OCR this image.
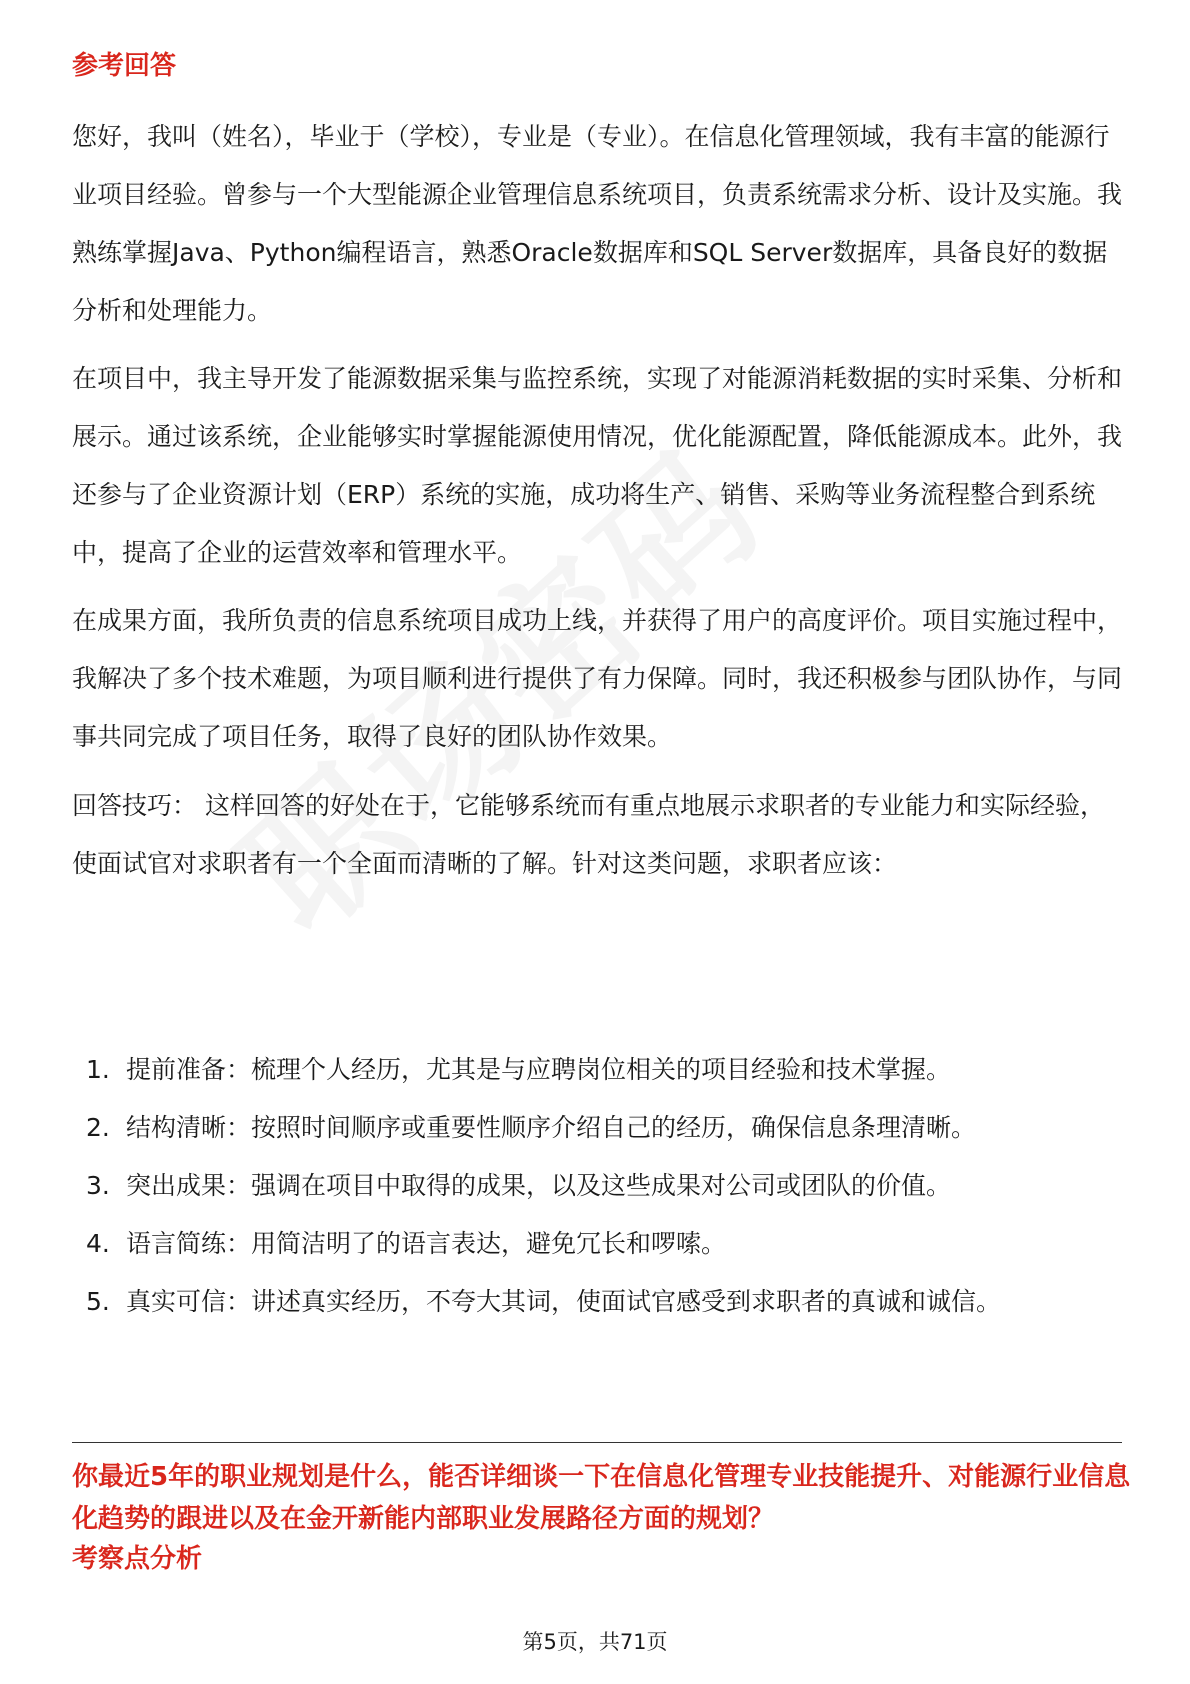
参考回答

您好，我叫（姓名），毕业于（学校），专业是（专业）。在信息化管理领域，我有丰富的能源行业项目经验。曾参与一个大型能源企业管理信息系统项目，负责系统需求分析、设计及实施。我熟练掌握Java、Python编程语言，熟悉Oracle数据库和SQL Server数据库，具备良好的数据分析和处理能力。

在项目中，我主导开发了能源数据采集与监控系统，实现了对能源消耗数据的实时采集、分析和展示。通过该系统，企业能够实时掌握能源使用情况，优化能源配置，降低能源成本。此外，我还参与了企业资源计划（ERP）系统的实施，成功将生产、销售、采购等业务流程整合到系统中，提高了企业的运营效率和管理水平。

在成果方面，我所负责的信息系统项目成功上线，并获得了用户的高度评价。项目实施过程中，我解决了多个技术难题，为项目顺利进行提供了有力保障。同时，我还积极参与团队协作，与同事共同完成了项目任务，取得了良好的团队协作效果。

回答技巧： 这样回答的好处在于，它能够系统而有重点地展示求职者的专业能力和实际经验，使面试官对求职者有一个全面而清晰的了解。针对这类问题，求职者应该：

1. 提前准备：梳理个人经历，尤其是与应聘岗位相关的项目经验和技术掌握。
2. 结构清晰：按照时间顺序或重要性顺序介绍自己的经历，确保信息条理清晰。
3. 突出成果：强调在项目中取得的成果，以及这些成果对公司或团队的价值。
4. 语言简练：用简洁明了的语言表达，避免冗长和啰嗦。
5. 真实可信：讲述真实经历，不夸大其词，使面试官感受到求职者的真诚和诚信。

你最近5年的职业规划是什么，能否详细谈一下在信息化管理专业技能提升、对能源行业信息化趋势的跟进以及在金开新能内部职业发展路径方面的规划？

考察点分析
第5页，共71页
